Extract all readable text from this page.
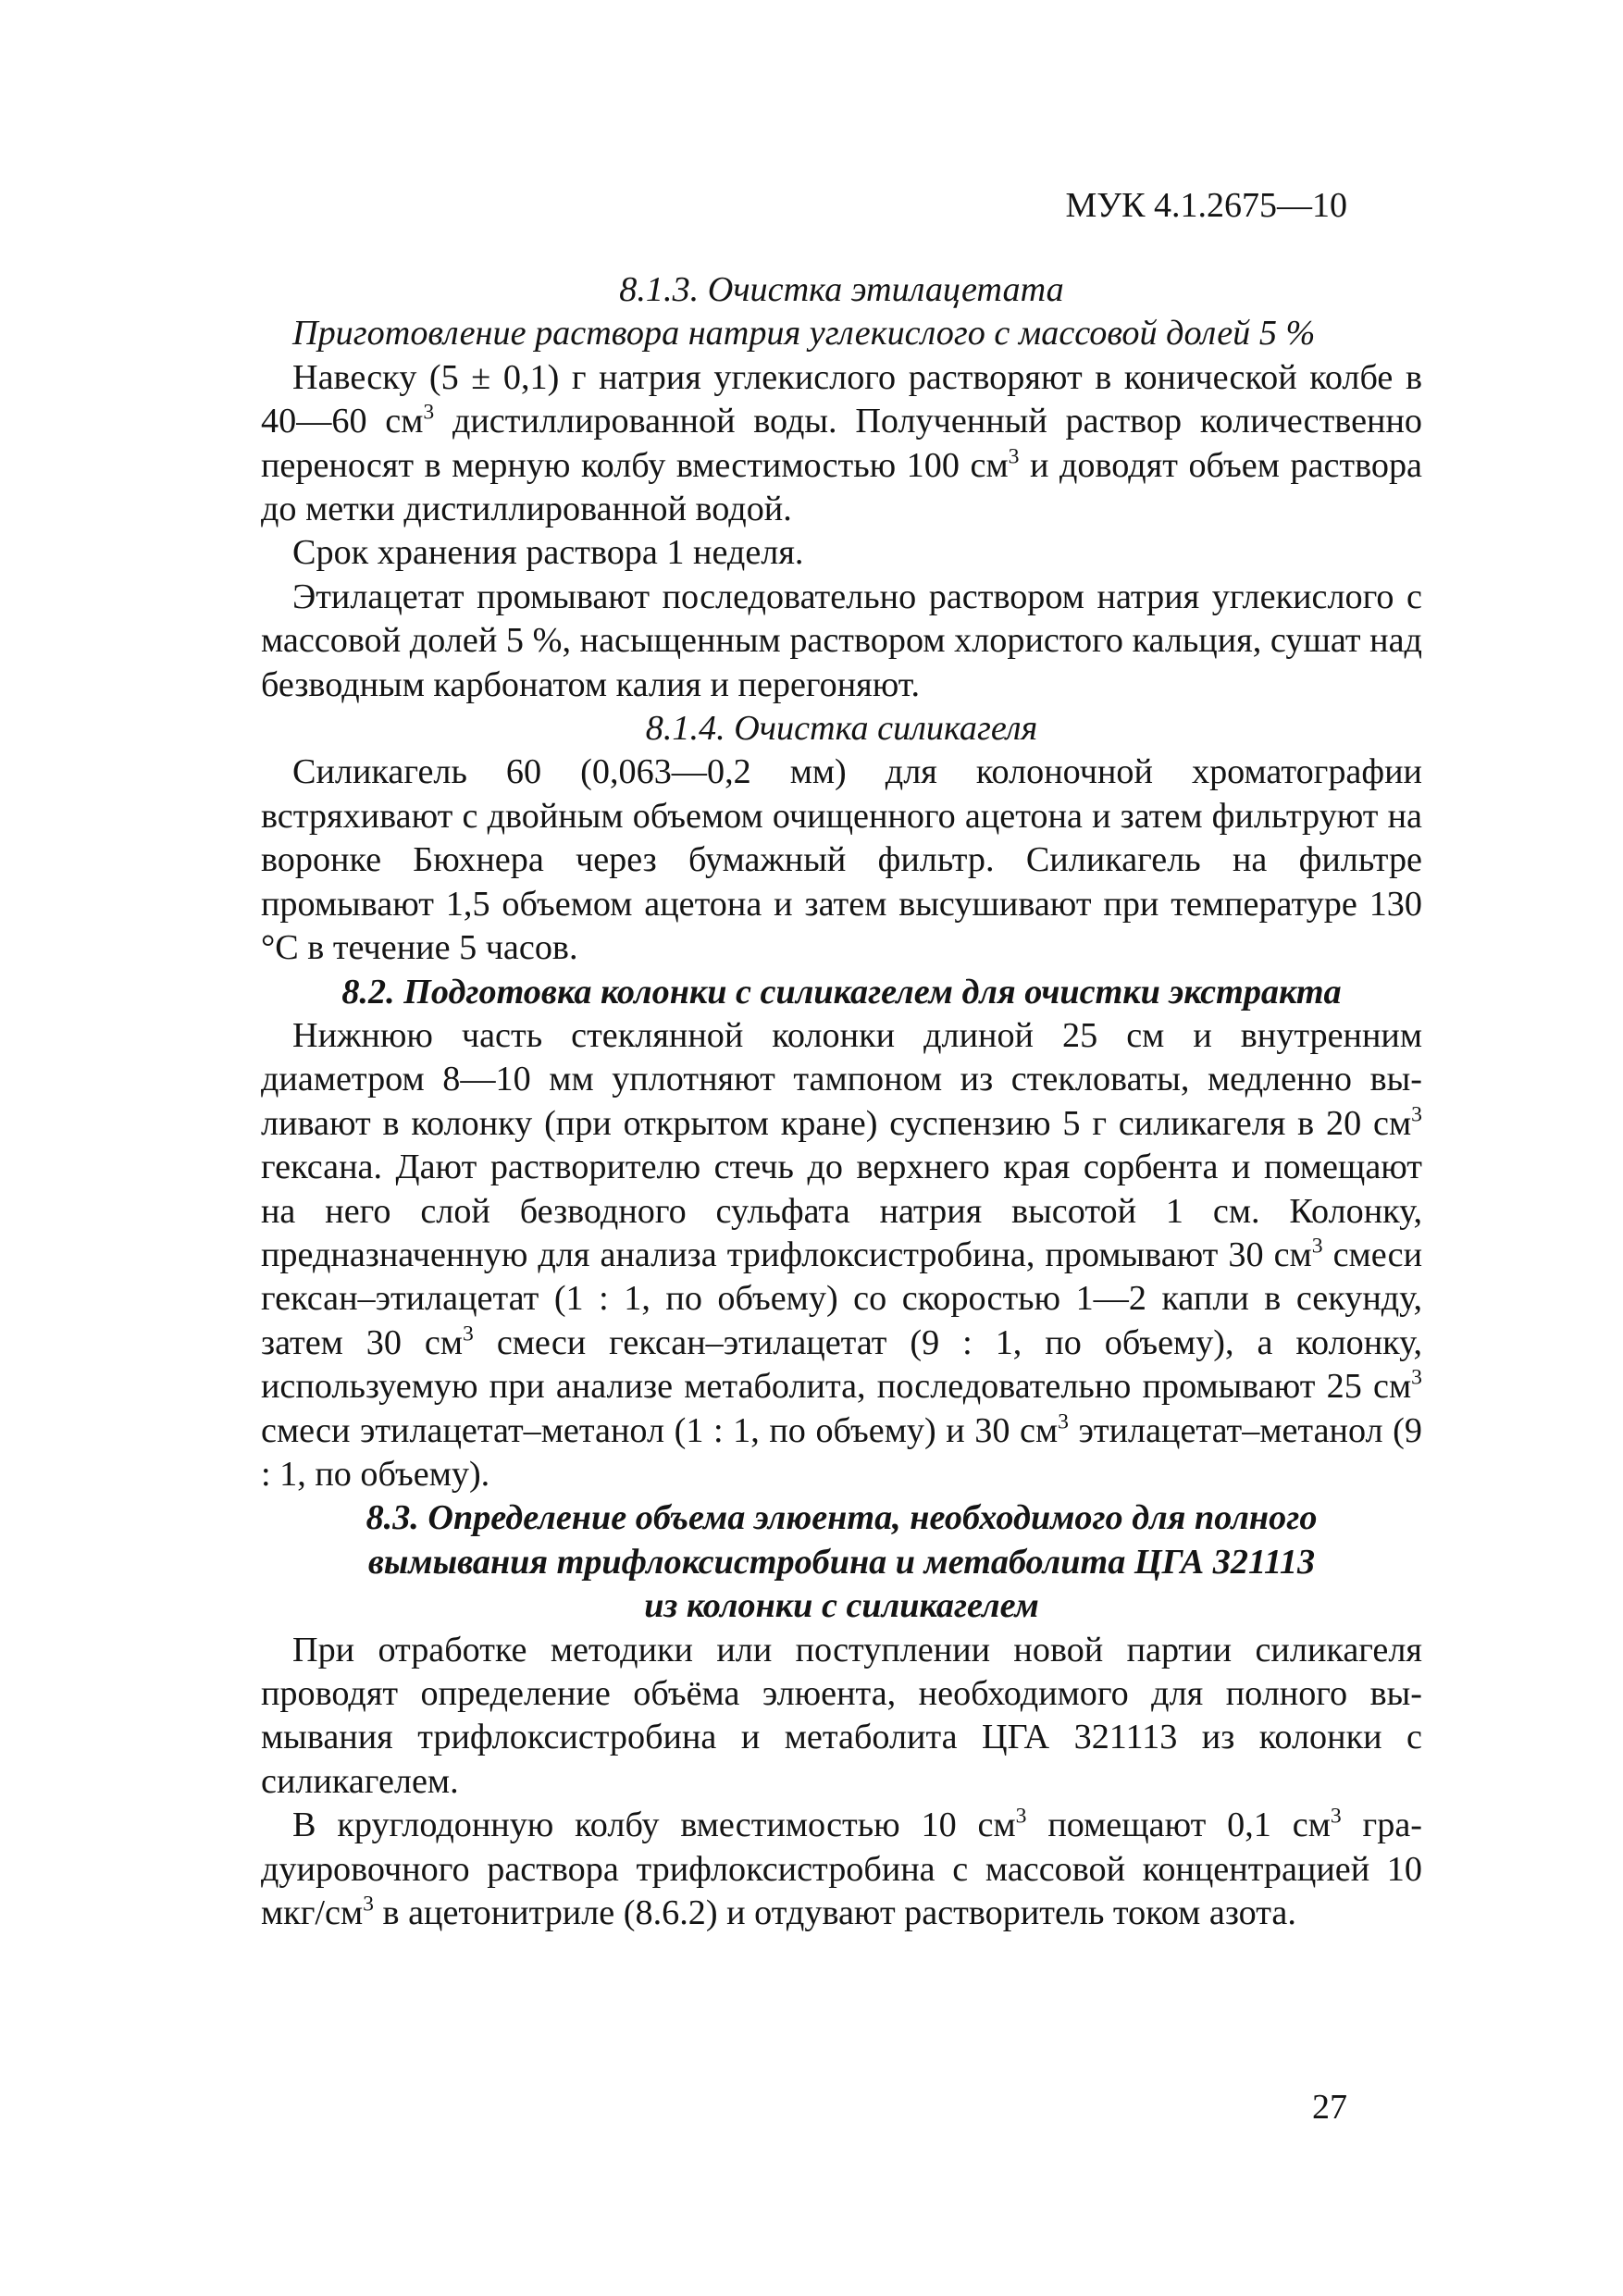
МУК 4.1.2675—10

8.1.3. Очистка этилацетата

Приготовление раствора натрия углекислого с массовой долей 5 %

Навеску (5 ± 0,1) г натрия углекислого растворяют в конической колбе в 40—60 $см^3$ дистиллированной воды. Полученный раствор количественно переносят в мерную колбу вместимостью 100 $см^3$ и доводят объем раствора до метки дистиллированной водой.

Срок хранения раствора 1 неделя.

Этилацетат промывают последовательно раствором натрия углекислого с массовой долей 5 %, насыщенным раствором хлористого кальция, сушат над безводным карбонатом калия и перегоняют.

8.1.4. Очистка силикагеля

Силикагель 60 (0,063—0,2 мм) для колоночной хроматографии встряхивают с двойным объемом очищенного ацетона и затем фильтруют на воронке Бюхнера через бумажный фильтр. Силикагель на фильтре промывают 1,5 объемом ацетона и затем высушивают при температуре 130 °С в течение 5 часов.

8.2. Подготовка колонки с силикагелем для очистки экстракта

Нижнюю часть стеклянной колонки длиной 25 см и внутренним диаметром 8—10 мм уплотняют тампоном из стекловаты, медленно выливают в колонку (при открытом кране) суспензию 5 г силикагеля в 20 $см^3$ гексана. Дают растворителю стечь до верхнего края сорбента и помещают на него слой безводного сульфата натрия высотой 1 см. Колонку, предназначенную для анализа трифлоксистробина, промывают 30 $см^3$ смеси гексан–этилацетат (1 : 1, по объему) со скоростью 1—2 капли в секунду, затем 30 $см^3$ смеси гексан–этилацетат (9 : 1, по объему), а колонку, используемую при анализе метаболита, последовательно промывают 25 $см^3$ смеси этилацетат–метанол (1 : 1, по объему) и 30 $см^3$ этилацетат–метанол (9 : 1, по объему).

8.3. Определение объема элюента, необходимого для полного
вымывания трифлоксистробина и метаболита ЦГА 321113
из колонки с силикагелем

При отработке методики или поступлении новой партии силикагеля проводят определение объёма элюента, необходимого для полного вымывания трифлоксистробина и метаболита ЦГА 321113 из колонки с силикагелем.

В круглодонную колбу вместимостью 10 $см^3$ помещают 0,1 $см^3$ градуировочного раствора трифлоксистробина с массовой концентрацией 10 мкг/$см^3$ в ацетонитриле (8.6.2) и отдувают растворитель током азота.

27
